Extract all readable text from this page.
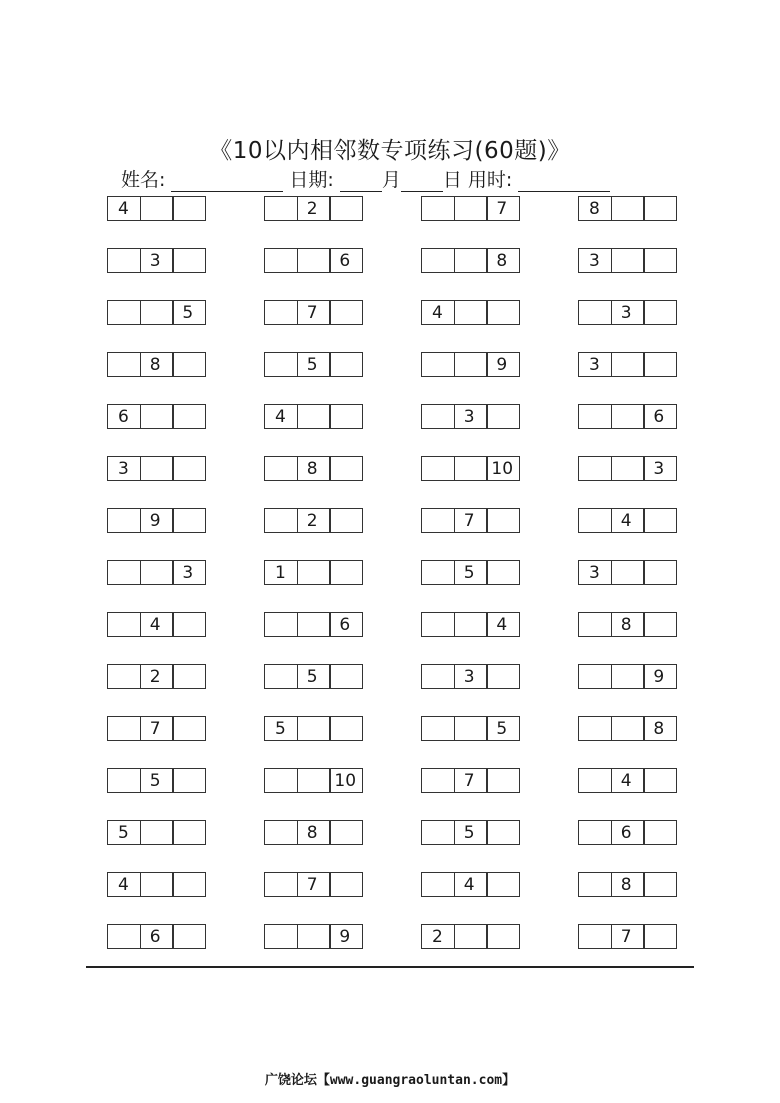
《10以内相邻数专项练习(60题)》
姓名:	日期:	月 日 用时:
4	2	7	8
3	6	8	3
5	7	4	3
8	5	9	3
6	4	3	6
3	8	10	3
9	2	7	4
3	1	5	3
4	6	4	8
2	5	3	9
7	5	5	8
5	10	7	4
5	8	5	6
4	7	4	8
6	9	2	7
广饶论坛【www.guangraoluntan.com】
